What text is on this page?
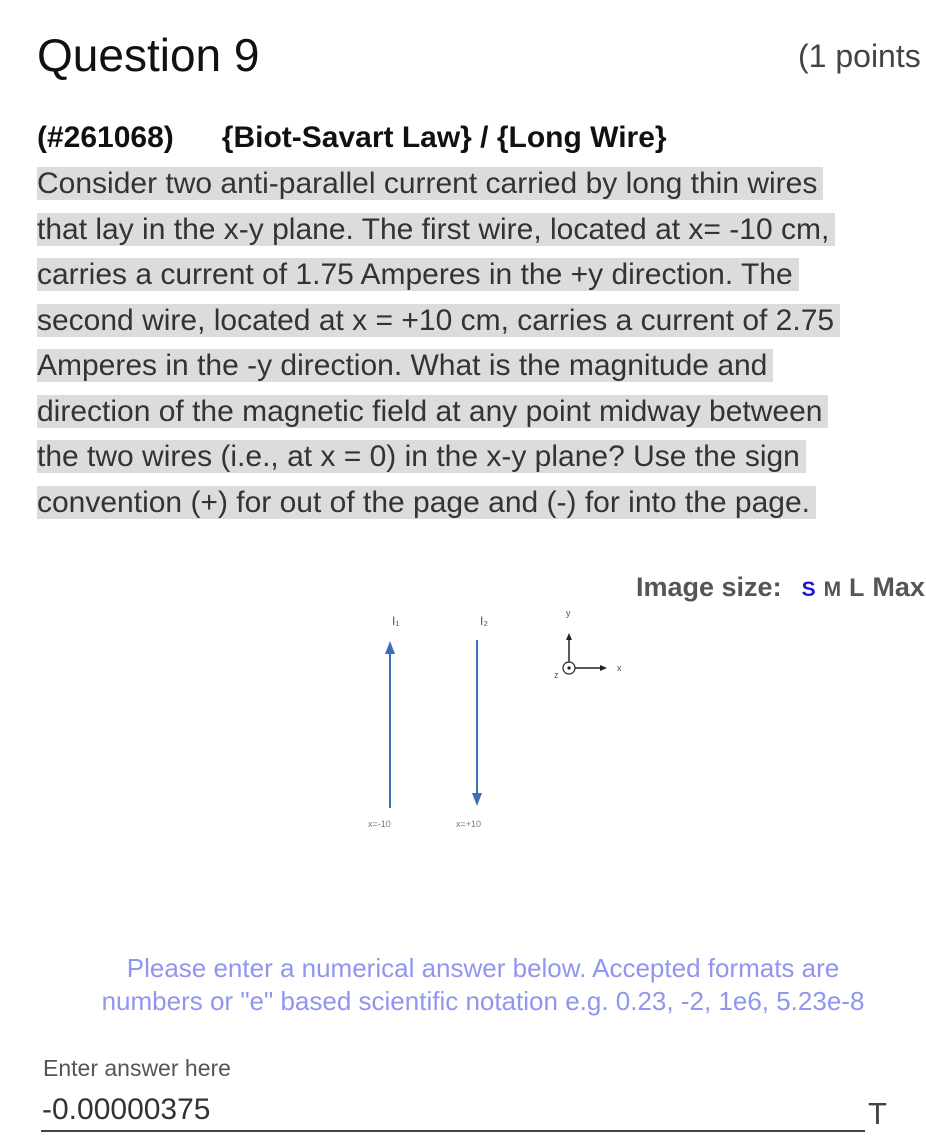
Question 9	(1 points
(#261068) {Biot-Savart Law} / {Long Wire}
Consider two anti-parallel current carried by long thin wires
that lay in the x-y plane. The first wire, located at x= -10 cm,
carries a current of 1.75 Amperes in the +y direction. The
second wire, located at x = +10 cm, carries a current of 2.75
Amperes in the -y direction. What is the magnitude and
direction of the magnetic field at any point midway between
the two wires (i.e., at x = 0) in the x-y plane? Use the sign
convention (+) for out of the page and (-) for into the page.
Image size: S M L Max
I₁	I₂
x=-10	x=+10
y
x
z
Please enter a numerical answer below. Accepted formats are
numbers or "e" based scientific notation e.g. 0.23, -2, 1e6, 5.23e-8
Enter answer here
-0.00000375
T
